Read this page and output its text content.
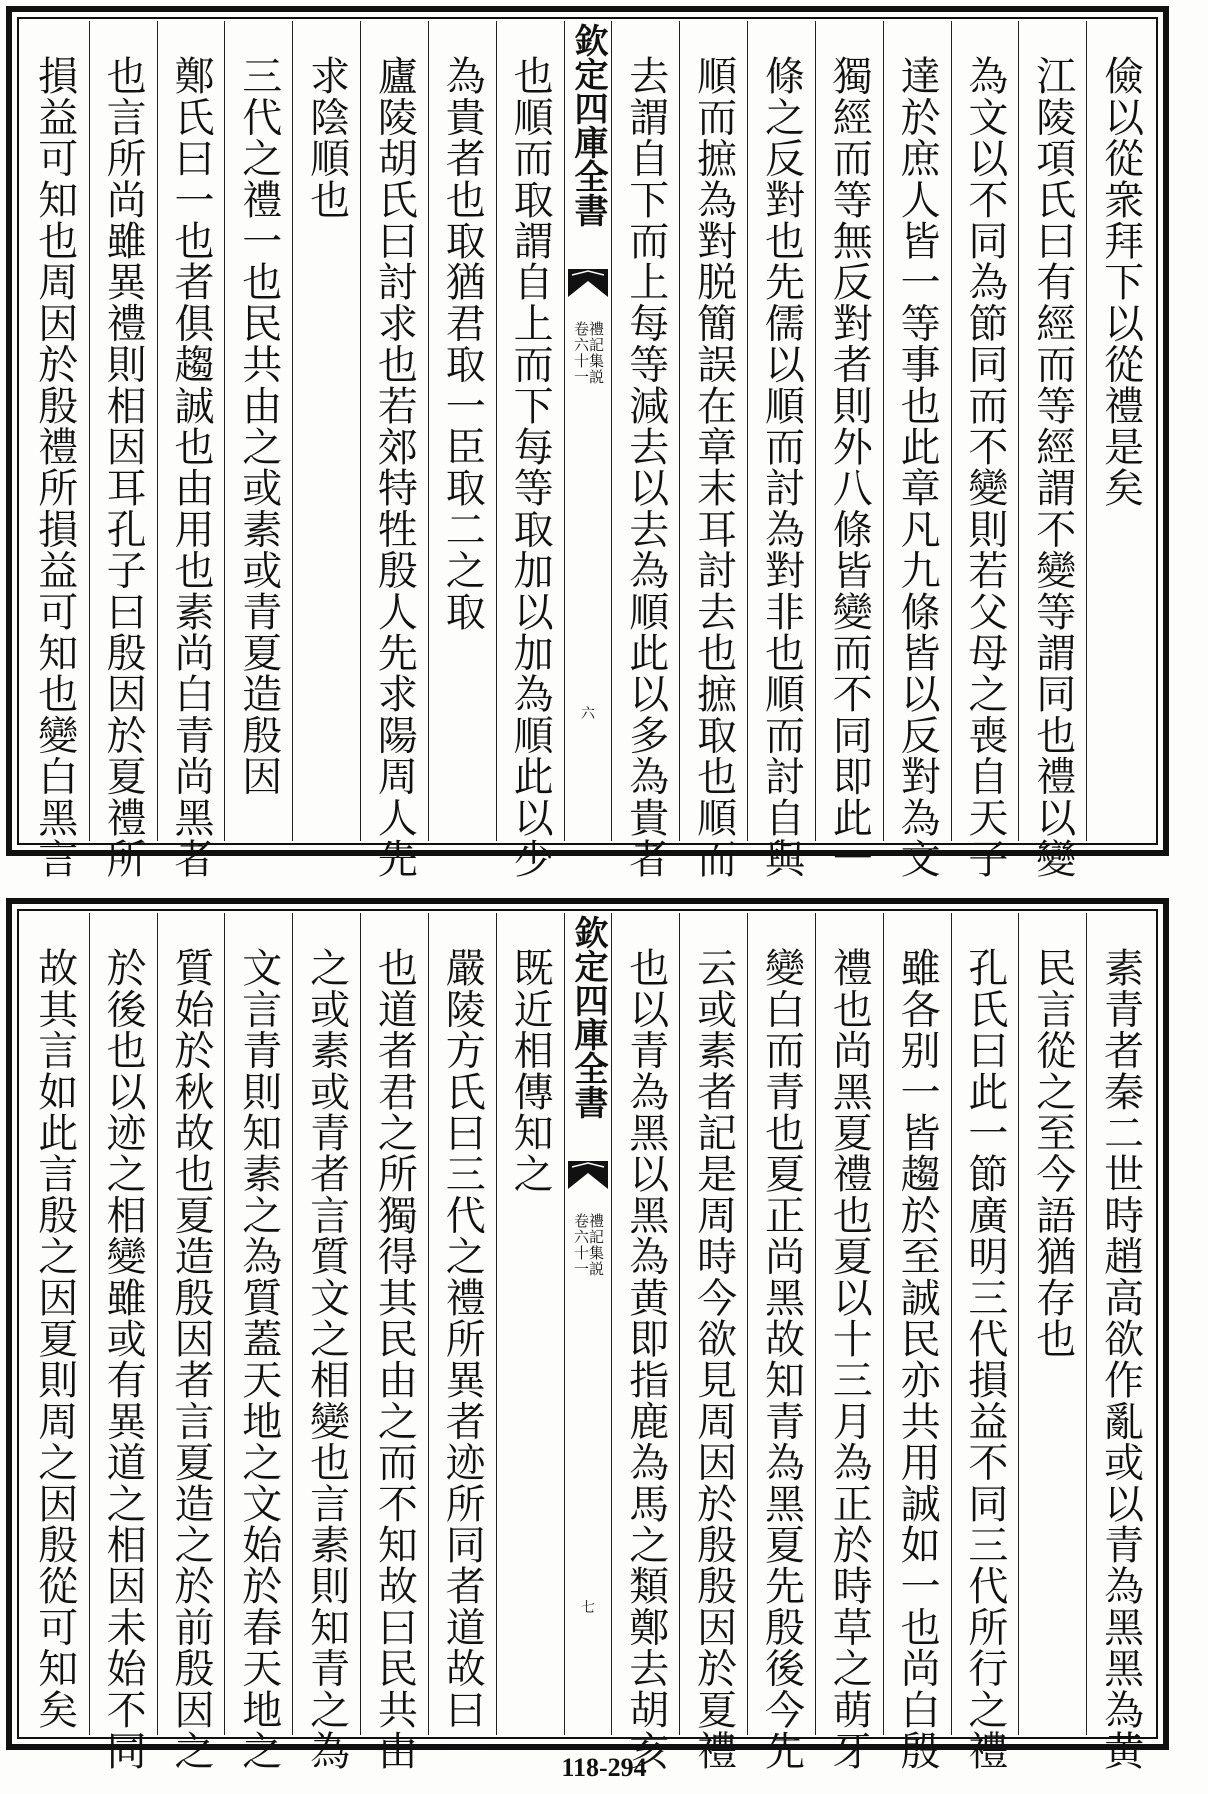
儉以從衆拜下以從禮是矣
江陵項氏曰有經而等經謂不變等謂同也禮以變
為文以不同為節同而不變則若父母之喪自天子
達於庶人皆一等事也此章凡九條皆以反對為文
獨經而等無反對者則外八條皆變而不同即此一
條之反對也先儒以順而討為對非也順而討自與
順而摭為對脱簡誤在章末耳討去也摭取也順而
去謂自下而上每等減去以去為順此以多為貴者
欽定四庫全書
禮記集説
卷六十一
六
也順而取謂自上而下每等取加以加為順此以少
為貴者也取猶君取一臣取二之取
廬陵胡氏曰討求也若郊特牲殷人先求陽周人先
求陰順也
三代之禮一也民共由之或素或青夏造殷因
鄭氏曰一也者俱趨誠也由用也素尚白青尚黑者
也言所尚雖異禮則相因耳孔子曰殷因於夏禮所
損益可知也周因於殷禮所損益可知也變白黑言
素青者秦二世時趙高欲作亂或以青為黑黑為黄
民言從之至今語猶存也
孔氏曰此一節廣明三代損益不同三代所行之禮
雖各别一皆趨於至誠民亦共用誠如一也尚白殷
禮也尚黑夏禮也夏以十三月為正於時草之萌牙
變白而青也夏正尚黑故知青為黑夏先殷後今先
云或素者記是周時今欲見周因於殷殷因於夏禮
也以青為黑以黑為黄即指鹿為馬之類鄭去胡亥
欽定四庫全書
禮記集説
卷六十一
七
既近相傳知之
嚴陵方氏曰三代之禮所異者迹所同者道故曰一
也道者君之所獨得其民由之而不知故曰民共由
之或素或青者言質文之相變也言素則知青之為
文言青則知素之為質蓋天地之文始於春天地之
質始於秋故也夏造殷因者言夏造之於前殷因之
於後也以迹之相變雖或有異道之相因未始不同
故其言如此言殷之因夏則周之因殷從可知矣
118-294
